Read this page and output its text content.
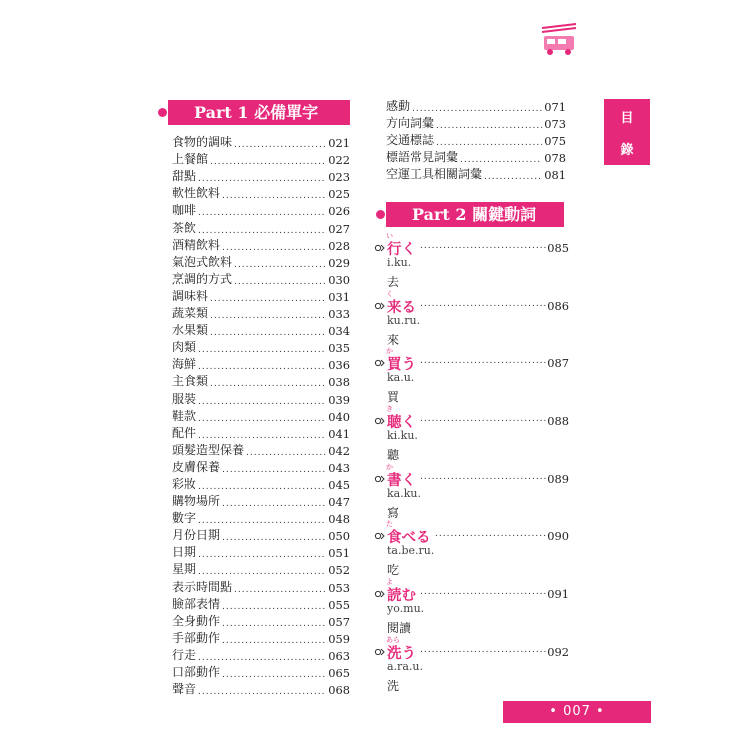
Part 1 必備單字
食物的調味 .....	021
上餐館 .....	022
甜點 .....	023
軟性飲料 .....	025
咖啡 .....	026
茶飲 .....	027
酒精飲料 .....	028
氣泡式飲料 .....	029
烹調的方式 .....	030
調味料 .....	031
蔬菜類 .....	033
水果類 .....	034
肉類 .....	035
海鮮 .....	036
主食類 .....	038
服裝 .....	039
鞋款 .....	040
配件 .....	041
頭髮造型保養 .....	042
皮膚保養 .....	043
彩妝 .....	045
購物場所 .....	047
數字 .....	048
月份日期 .....	050
日期 .....	051
星期 .....	052
表示時間點 .....	053
臉部表情 .....	055
全身動作 .....	057
手部動作 .....	059
行走 .....	063
口部動作 .....	065
聲音 .....	068
感動 .....	071
方向詞彙 .....	073
交通標誌 .....	075
標語常見詞彙 .....	078
空運工具相關詞彙 .....	081
Part 2 關鍵動詞
い
行く .....	085
i.ku.
去
く
来る .....	086
ku.ru.
來
か
買う .....	087
ka.u.
買
き
聴く .....	088
ki.ku.
聽
か
書く .....	089
ka.ku.
寫
た
食べる .....	090
ta.be.ru.
吃
よ
読む .....	091
yo.mu.
閱讀
あら
洗う .....	092
a.ra.u.
洗
目
錄
• 007 •
